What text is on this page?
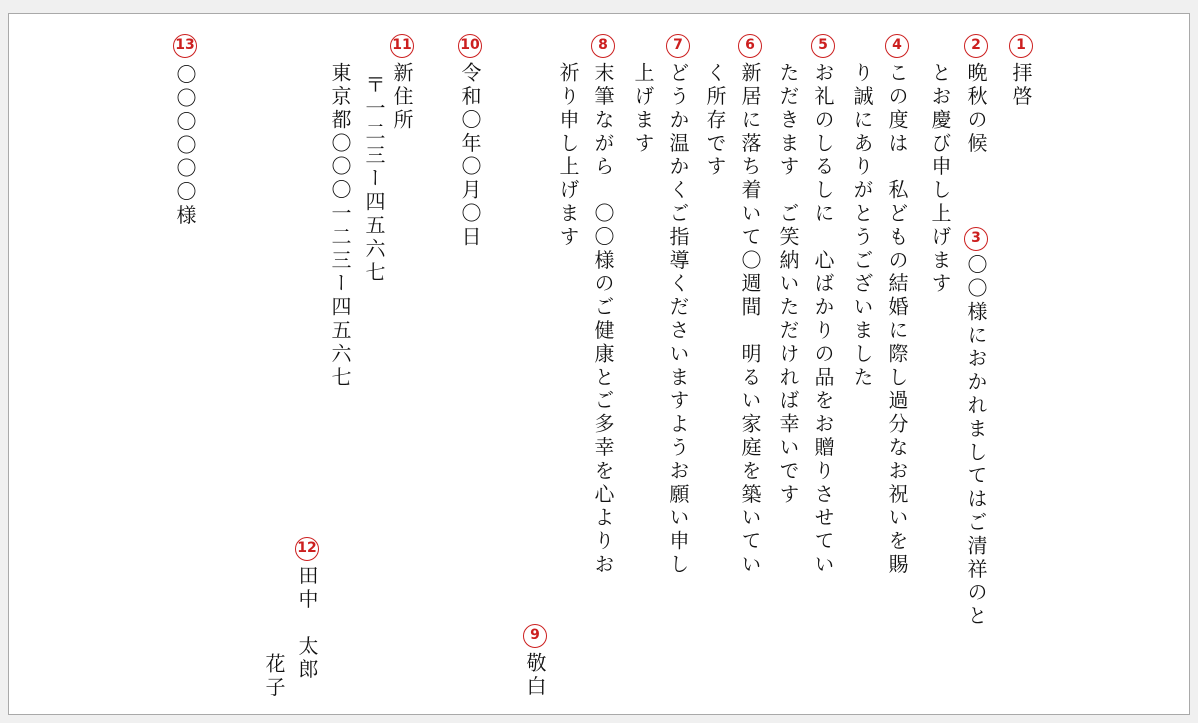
1
拝啓
2
晩秋の候
とお慶び申し上げます	3
〇〇様におかれましてはご清祥のと
4
この度は　私どもの結婚に際し過分なお祝いを賜
り誠にありがとうございました
5
お礼のしるしに　心ばかりの品をお贈りさせてい
ただきます　ご笑納いただければ幸いです
6
新居に落ち着いて〇週間　明るい家庭を築いてい
く所存です
7
どうか温かくご指導くださいますようお願い申し
上げます
8
末筆ながら　〇〇様のご健康とご多幸を心よりお
祈り申し上げます
9
敬白
10
令和〇年〇月〇日
11
新住所
〒一二三ー四五六七
東京都〇〇〇一二三ー四五六七
12
田中　太郎
花子
13
〇〇〇〇〇〇様
